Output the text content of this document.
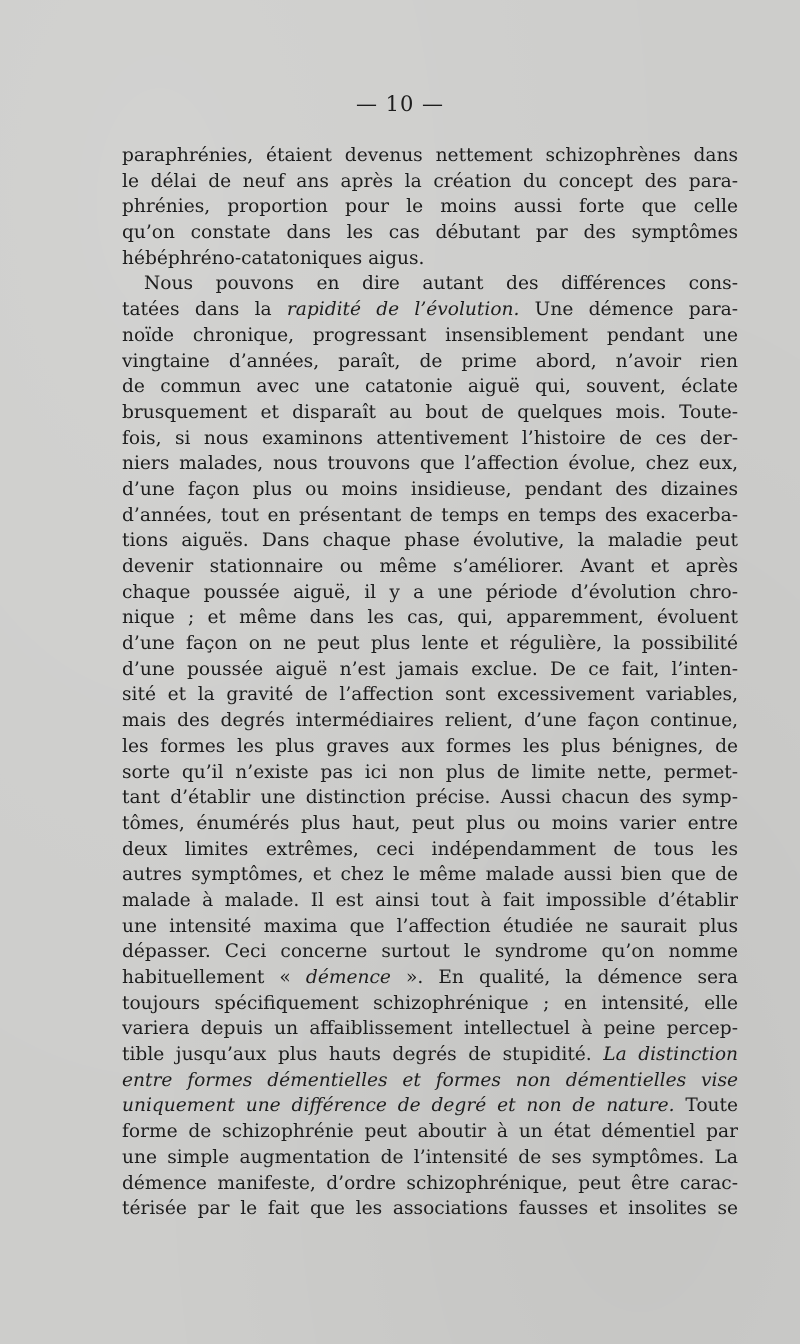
— 10 —
paraphrénies, étaient devenus nettement schizophrènes dans
le délai de neuf ans après la création du concept des para-
phrénies, proportion pour le moins aussi forte que celle
qu’on constate dans les cas débutant par des symptômes
hébéphréno-catatoniques aigus.
Nous pouvons en dire autant des différences cons-
tatées dans la rapidité de l’évolution. Une démence para-
noïde chronique, progressant insensiblement pendant une
vingtaine d’années, paraît, de prime abord, n’avoir rien
de commun avec une catatonie aiguë qui, souvent, éclate
brusquement et disparaît au bout de quelques mois. Toute-
fois, si nous examinons attentivement l’histoire de ces der-
niers malades, nous trouvons que l’affection évolue, chez eux,
d’une façon plus ou moins insidieuse, pendant des dizaines
d’années, tout en présentant de temps en temps des exacerba-
tions aiguës. Dans chaque phase évolutive, la maladie peut
devenir stationnaire ou même s’améliorer. Avant et après
chaque poussée aiguë, il y a une période d’évolution chro-
nique ; et même dans les cas, qui, apparemment, évoluent
d’une façon on ne peut plus lente et régulière, la possibilité
d’une poussée aiguë n’est jamais exclue. De ce fait, l’inten-
sité et la gravité de l’affection sont excessivement variables,
mais des degrés intermédiaires relient, d’une façon continue,
les formes les plus graves aux formes les plus bénignes, de
sorte qu’il n’existe pas ici non plus de limite nette, permet-
tant d’établir une distinction précise. Aussi chacun des symp-
tômes, énumérés plus haut, peut plus ou moins varier entre
deux limites extrêmes, ceci indépendamment de tous les
autres symptômes, et chez le même malade aussi bien que de
malade à malade. Il est ainsi tout à fait impossible d’établir
une intensité maxima que l’affection étudiée ne saurait plus
dépasser. Ceci concerne surtout le syndrome qu’on nomme
habituellement « démence ». En qualité, la démence sera
toujours spécifiquement schizophrénique ; en intensité, elle
variera depuis un affaiblissement intellectuel à peine percep-
tible jusqu’aux plus hauts degrés de stupidité. La distinction
entre formes démentielles et formes non démentielles vise
uniquement une différence de degré et non de nature. Toute
forme de schizophrénie peut aboutir à un état démentiel par
une simple augmentation de l’intensité de ses symptômes. La
démence manifeste, d’ordre schizophrénique, peut être carac-
térisée par le fait que les associations fausses et insolites se
